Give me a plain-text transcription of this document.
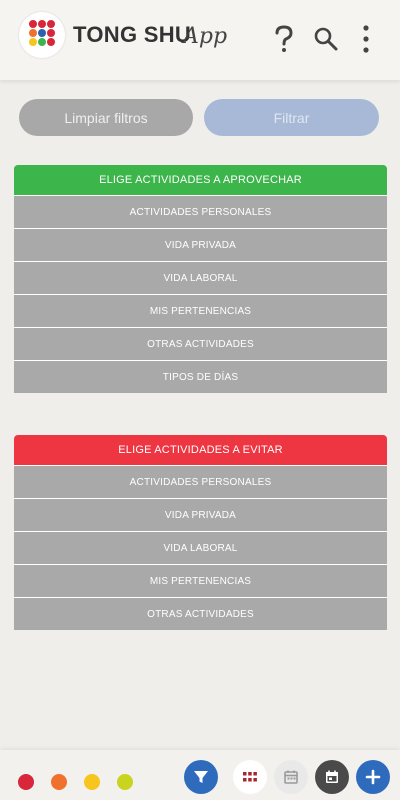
TONG SHU
App
Limpiar filtros	Filtrar
ELIGE ACTIVIDADES A APROVECHAR
ACTIVIDADES PERSONALES
VIDA PRIVADA
VIDA LABORAL
MIS PERTENENCIAS
OTRAS ACTIVIDADES
TIPOS DE DÍAS
ELIGE ACTIVIDADES A EVITAR
ACTIVIDADES PERSONALES
VIDA PRIVADA
VIDA LABORAL
MIS PERTENENCIAS
OTRAS ACTIVIDADES
